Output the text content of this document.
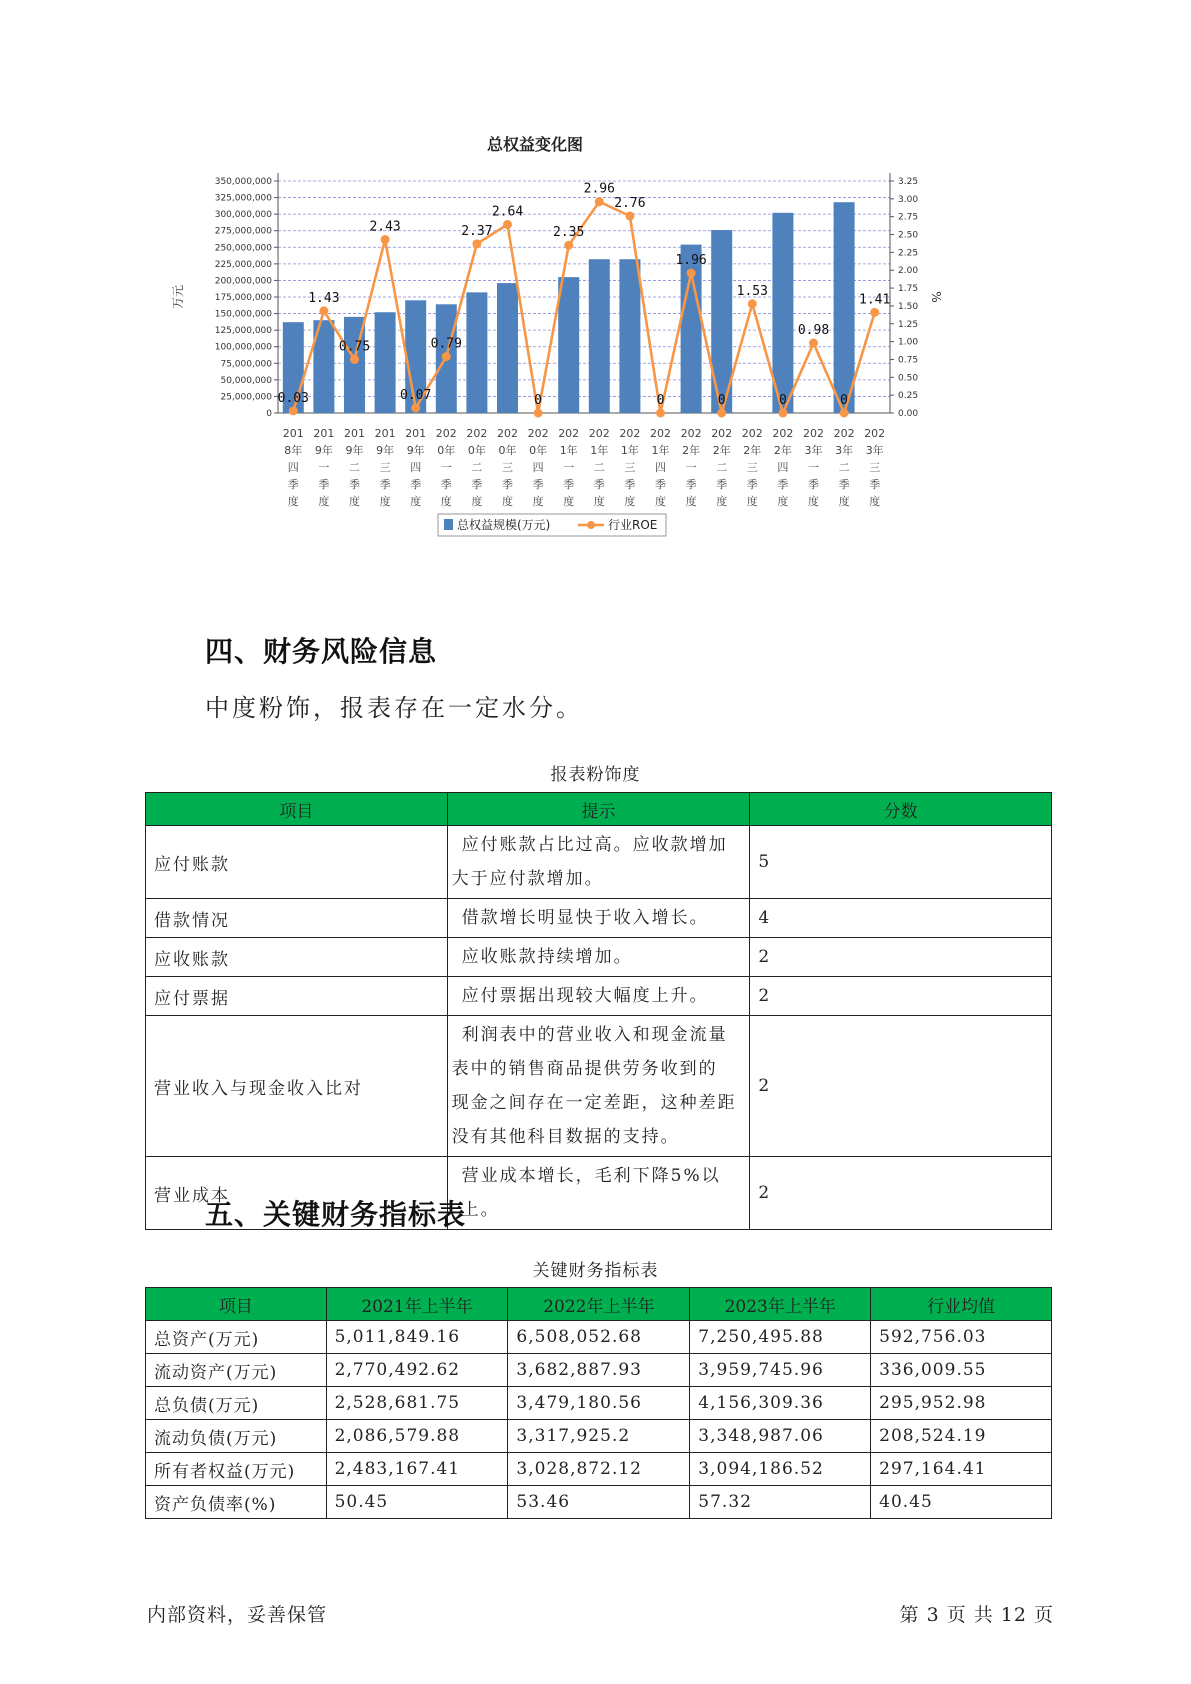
总权益变化图
0
25,000,000
50,000,000
75,000,000
100,000,000
125,000,000
150,000,000
175,000,000
200,000,000
225,000,000
250,000,000
275,000,000
300,000,000
325,000,000
350,000,000
0.00
0.25
0.50
0.75
1.00
1.25
1.50
1.75
2.00
2.25
2.50
2.75
3.00
3.25
万元	%
0.03
1.43
0.75
2.43
0.07
0.79
2.37
2.64
0
2.35
2.96
2.76
0
1.96
0
1.53
0
0.98
0
1.41
201
8年
四
季
度
201
9年
一
季
度
201
9年
二
季
度
201
9年
三
季
度
201
9年
四
季
度
202
0年
一
季
度
202
0年
二
季
度
202
0年
三
季
度
202
0年
四
季
度
202
1年
一
季
度
202
1年
二
季
度
202
1年
三
季
度
202
1年
四
季
度
202
2年
一
季
度
202
2年
二
季
度
202
2年
三
季
度
202
2年
四
季
度
202
3年
一
季
度
202
3年
二
季
度
202
3年
三
季
度
总权益规模(万元)	行业ROE
四、财务风险信息
中度粉饰，报表存在一定水分。
报表粉饰度
项目	提示	分数
应付账款	应付账款占比过高。应收款增加
大于应付款增加。	5
借款情况	借款增长明显快于收入增长。	4
应收账款	应收账款持续增加。	2
应付票据	应付票据出现较大幅度上升。	2
营业收入与现金收入比对	利润表中的营业收入和现金流量
表中的销售商品提供劳务收到的
现金之间存在一定差距，这种差距
没有其他科目数据的支持。	2
营业成本	营业成本增长，毛利下降5%以上。	2
五、关键财务指标表
关键财务指标表
项目	2021年上半年	2022年上半年	2023年上半年	行业均值
总资产(万元)	5,011,849.16	6,508,052.68	7,250,495.88	592,756.03
流动资产(万元)	2,770,492.62	3,682,887.93	3,959,745.96	336,009.55
总负债(万元)	2,528,681.75	3,479,180.56	4,156,309.36	295,952.98
流动负债(万元)	2,086,579.88	3,317,925.2	3,348,987.06	208,524.19
所有者权益(万元)	2,483,167.41	3,028,872.12	3,094,186.52	297,164.41
资产负债率(%)	50.45	53.46	57.32	40.45
内部资料，妥善保管	第 3 页 共 12 页
